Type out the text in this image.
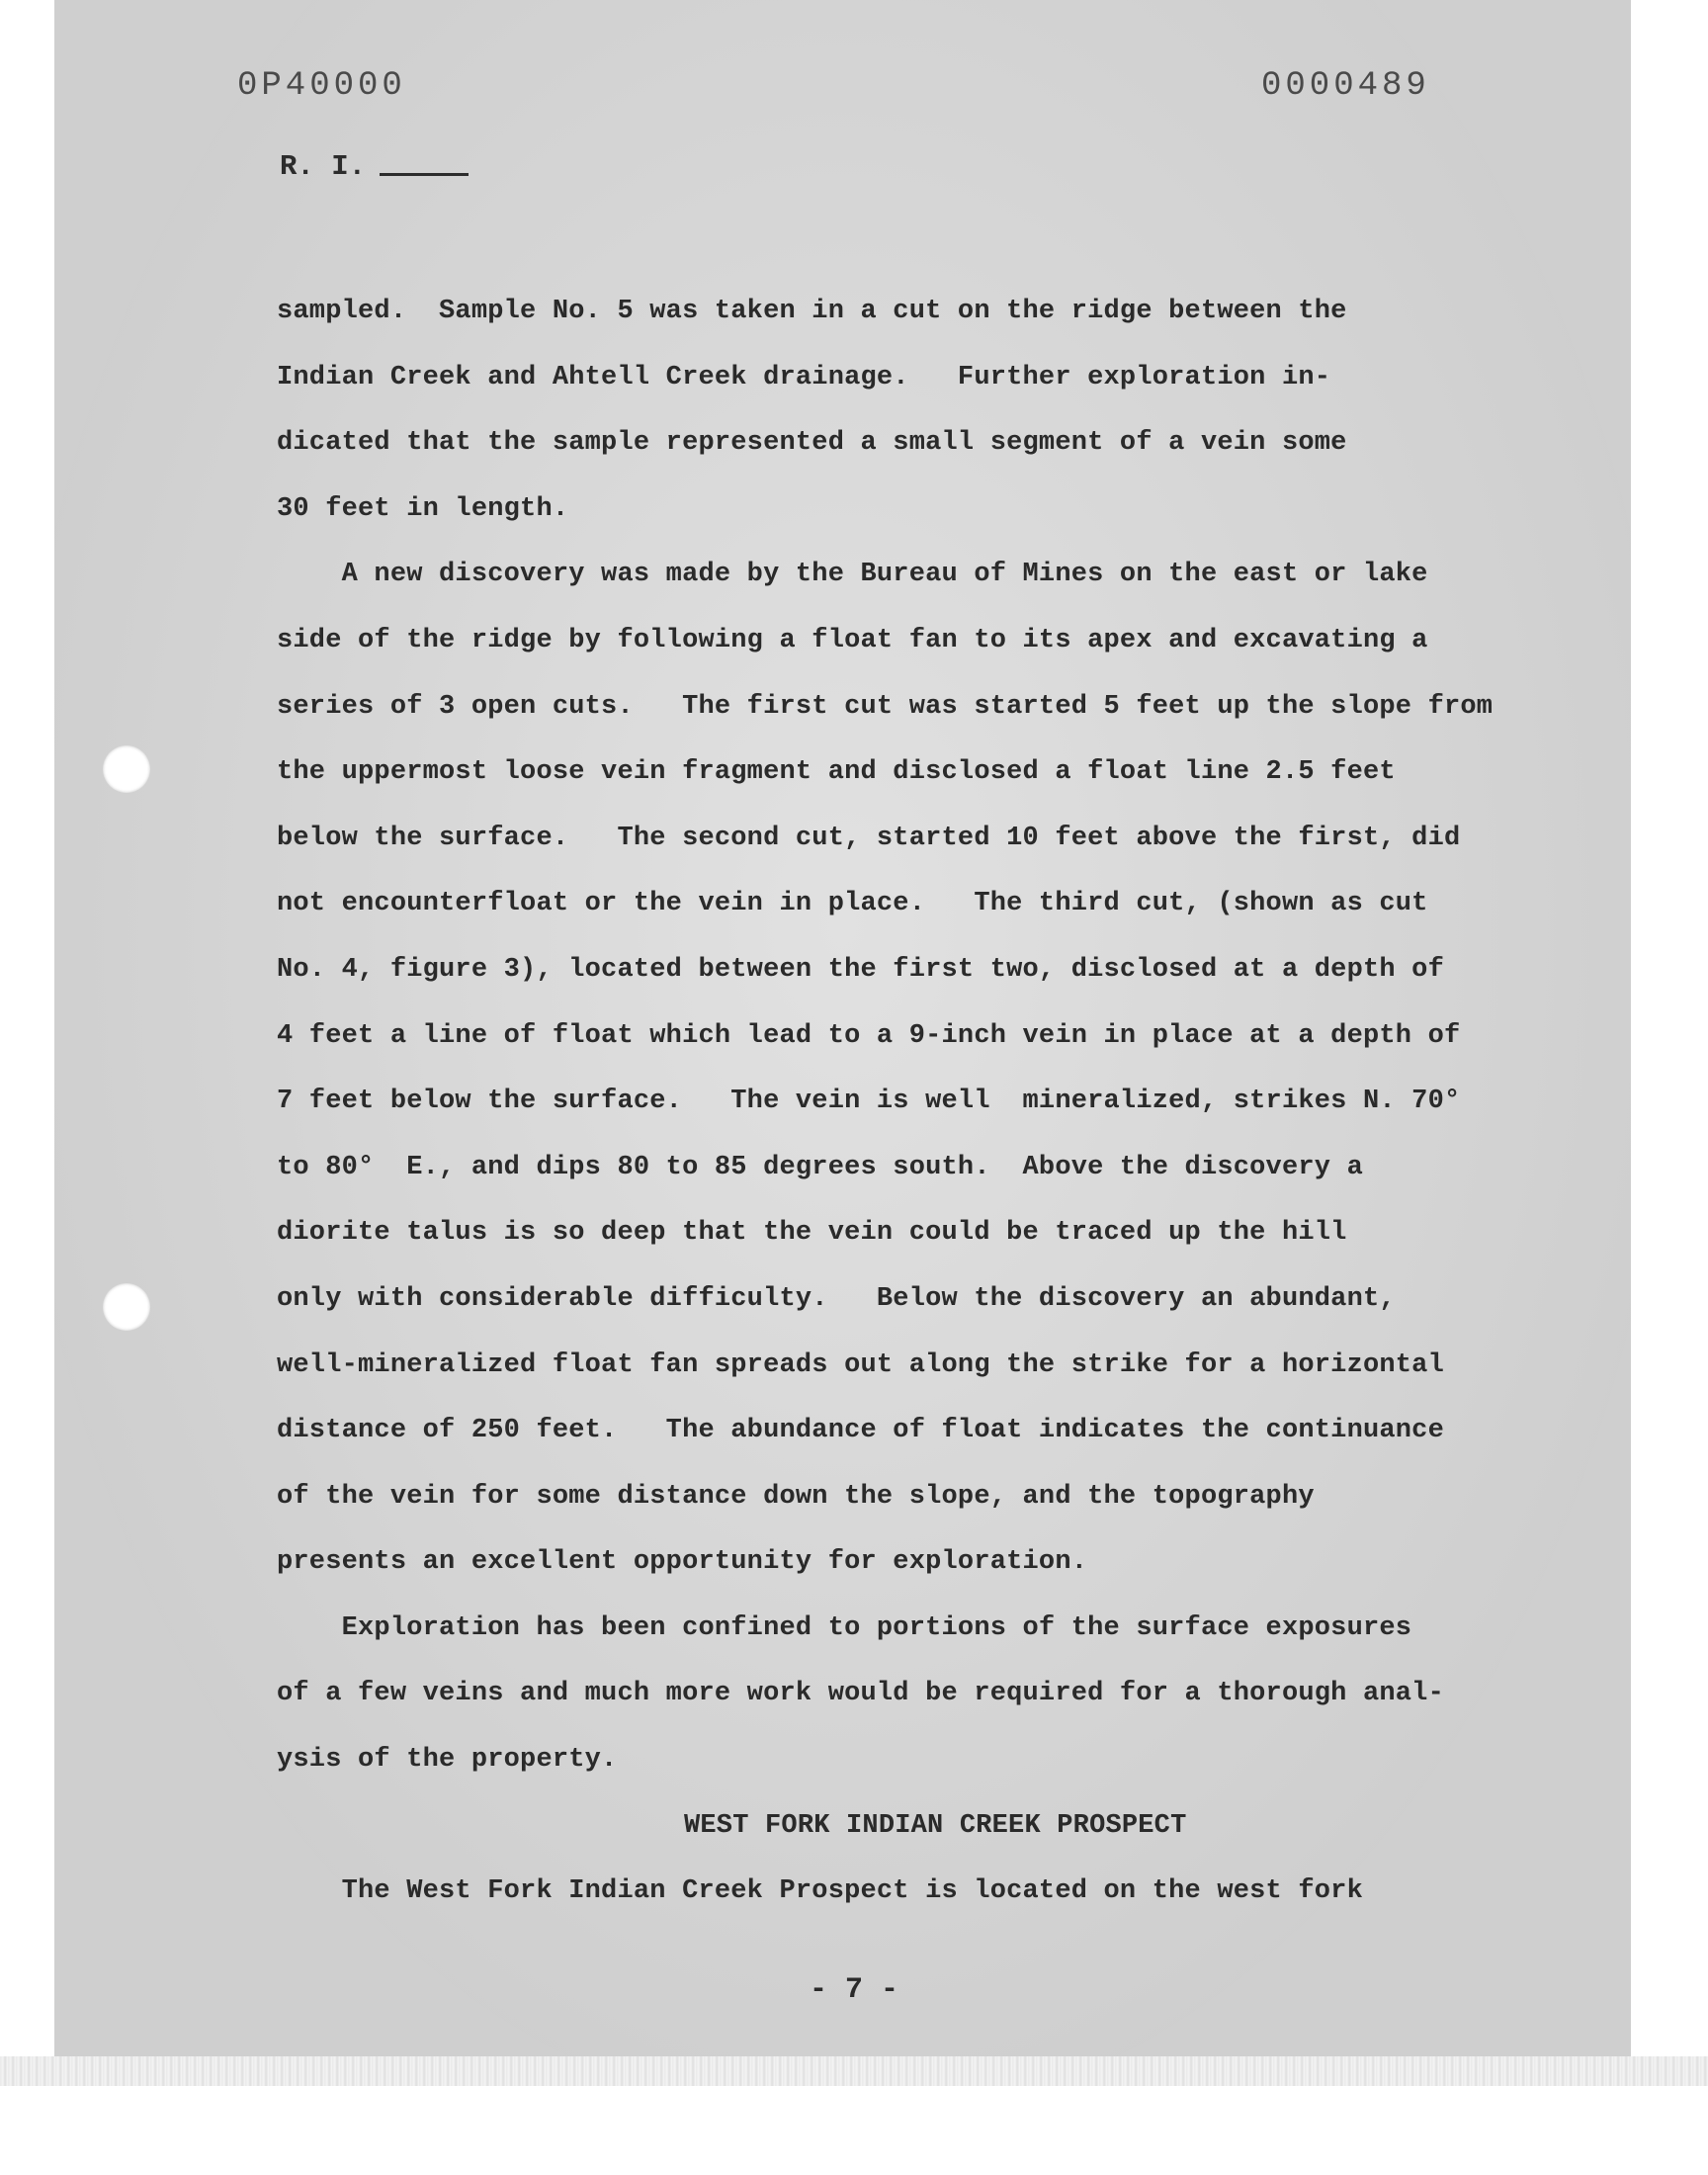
0P40000	0000489
R. I.
sampled.  Sample No. 5 was taken in a cut on the ridge between the
Indian Creek and Ahtell Creek drainage.   Further exploration in-
dicated that the sample represented a small segment of a vein some
30 feet in length.
A new discovery was made by the Bureau of Mines on the east or lake
side of the ridge by following a float fan to its apex and excavating a
series of 3 open cuts.   The first cut was started 5 feet up the slope from
the uppermost loose vein fragment and disclosed a float line 2.5 feet
below the surface.   The second cut, started 10 feet above the first, did
not encounterfloat or the vein in place.   The third cut, (shown as cut
No. 4, figure 3), located between the first two, disclosed at a depth of
4 feet a line of float which lead to a 9-inch vein in place at a depth of
7 feet below the surface.   The vein is well  mineralized, strikes N. 70°
to 80°  E., and dips 80 to 85 degrees south.  Above the discovery a
diorite talus is so deep that the vein could be traced up the hill
only with considerable difficulty.   Below the discovery an abundant,
well-mineralized float fan spreads out along the strike for a horizontal
distance of 250 feet.   The abundance of float indicates the continuance
of the vein for some distance down the slope, and the topography
presents an excellent opportunity for exploration.
Exploration has been confined to portions of the surface exposures
of a few veins and much more work would be required for a thorough anal-
ysis of the property.
WEST FORK INDIAN CREEK PROSPECT
The West Fork Indian Creek Prospect is located on the west fork
- 7 -
